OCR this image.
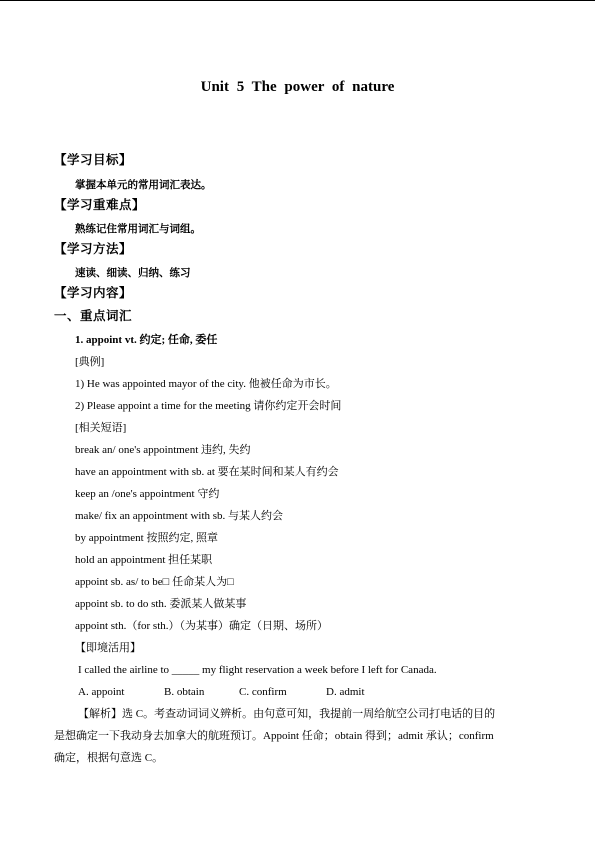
Unit 5 The power of nature
【学习目标】
掌握本单元的常用词汇表达。
【学习重难点】
熟练记住常用词汇与词组。
【学习方法】
速读、细读、归纳、练习
【学习内容】
一、重点词汇
1. appoint vt. 约定; 任命, 委任
[典例]
1) He was appointed mayor of the city. 他被任命为市长。
2) Please appoint a time for the meeting 请你约定开会时间
[相关短语]
break an/ one's appointment 违约, 失约
have an appointment with sb. at 要在某时间和某人有约会
keep an /one's appointment 守约
make/ fix an appointment with sb. 与某人约会
by appointment 按照约定, 照章
hold an appointment 担任某职
appoint sb. as/ to be□ 任命某人为□
appoint sb. to do sth. 委派某人做某事
appoint sth.（for sth.）（为某事）确定（日期、场所）
【即境活用】
I called the airline to _____ my flight reservation a week before I left for Canada.
A. appoint	B. obtain	C. confirm	D. admit
【解析】选 C。考查动词词义辨析。由句意可知，我提前一周给航空公司打电话的目的
是想确定一下我动身去加拿大的航班预订。Appoint 任命；obtain 得到；admit 承认；confirm
确定，根据句意选 C。
